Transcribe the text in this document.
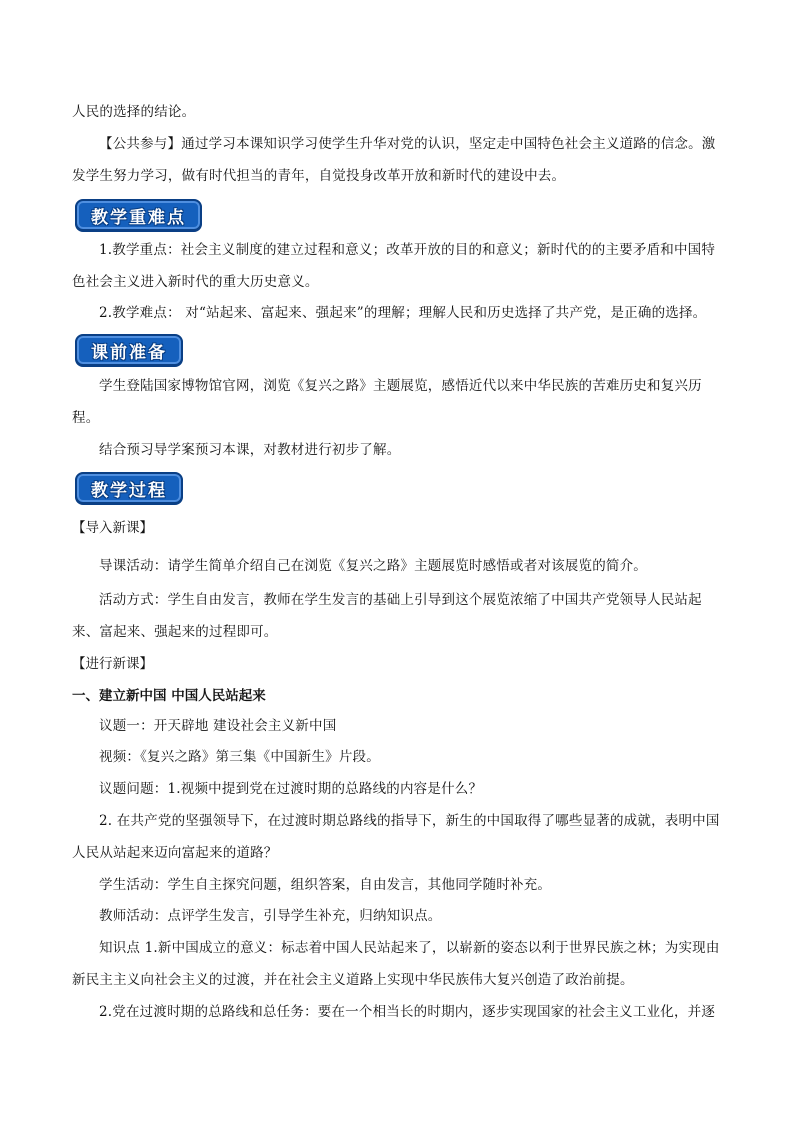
人民的选择的结论。
【公共参与】通过学习本课知识学习使学生升华对党的认识，坚定走中国特色社会主义道路的信念。激发学生努力学习，做有时代担当的青年，自觉投身改革开放和新时代的建设中去。
教学重难点
1.教学重点：社会主义制度的建立过程和意义；改革开放的目的和意义；新时代的的主要矛盾和中国特色社会主义进入新时代的重大历史意义。
2.教学难点： 对“站起来、富起来、强起来”的理解；理解人民和历史选择了共产党，是正确的选择。
课前准备
学生登陆国家博物馆官网，浏览《复兴之路》主题展览，感悟近代以来中华民族的苦难历史和复兴历程。
结合预习导学案预习本课，对教材进行初步了解。
教学过程
【导入新课】
导课活动：请学生简单介绍自己在浏览《复兴之路》主题展览时感悟或者对该展览的简介。
活动方式：学生自由发言，教师在学生发言的基础上引导到这个展览浓缩了中国共产党领导人民站起来、富起来、强起来的过程即可。
【进行新课】
一、建立新中国 中国人民站起来
议题一：开天辟地 建设社会主义新中国
视频：《复兴之路》第三集《中国新生》片段。
议题问题：1.视频中提到党在过渡时期的总路线的内容是什么？
2. 在共产党的坚强领导下，在过渡时期总路线的指导下，新生的中国取得了哪些显著的成就，表明中国人民从站起来迈向富起来的道路？
学生活动：学生自主探究问题，组织答案，自由发言，其他同学随时补充。
教师活动：点评学生发言，引导学生补充，归纳知识点。
知识点 1.新中国成立的意义：标志着中国人民站起来了，以崭新的姿态以利于世界民族之林；为实现由新民主主义向社会主义的过渡，并在社会主义道路上实现中华民族伟大复兴创造了政治前提。
2.党在过渡时期的总路线和总任务：要在一个相当长的时期内，逐步实现国家的社会主义工业化，并逐
